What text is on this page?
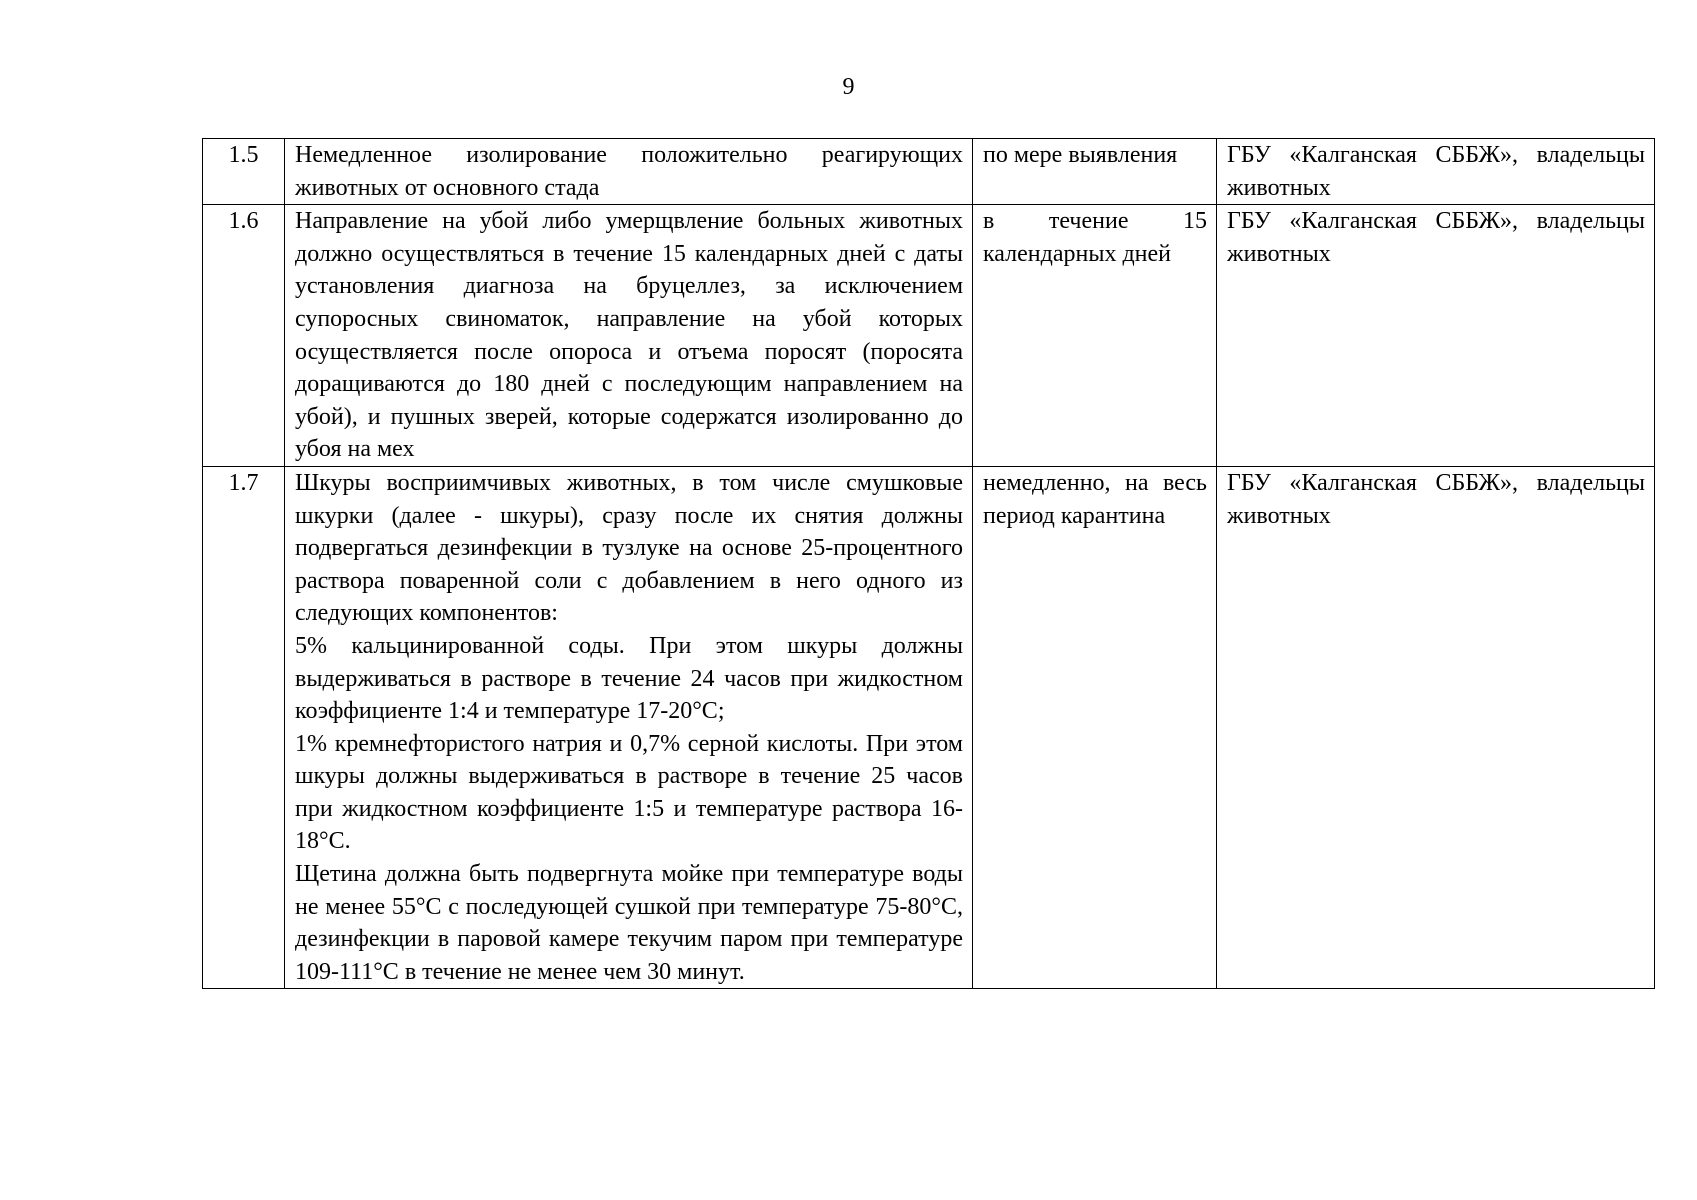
9
1.5	Немедленное изолирование положительно реагирующих животных от основного стада	по мере выявления	ГБУ «Калганская СББЖ», владельцы животных
1.6	Направление на убой либо умерщвление больных животных должно осуществляться в течение 15 календарных дней с даты установления диагноза на бруцеллез, за исключением супоросных свиноматок, направление на убой которых осуществляется после опороса и отъема поросят (поросята доращиваются до 180 дней с последующим направлением на убой), и пушных зверей, которые содержатся изолированно до убоя на мех	в течение 15 календарных дней	ГБУ «Калганская СББЖ», владельцы животных
1.7	Шкуры восприимчивых животных, в том числе смушковые шкурки (далее - шкуры), сразу после их снятия должны подвергаться дезинфекции в тузлуке на основе 25-процентного раствора поваренной соли с добавлением в него одного из следующих компонентов:
5% кальцинированной соды. При этом шкуры должны выдерживаться в растворе в течение 24 часов при жидкостном коэффициенте 1:4 и температуре 17-20°С;
1% кремнефтористого натрия и 0,7% серной кислоты. При этом шкуры должны выдерживаться в растворе в течение 25 часов при жидкостном коэффициенте 1:5 и температуре раствора 16-18°С.
Щетина должна быть подвергнута мойке при температуре воды не менее 55°С с последующей сушкой при температуре 75-80°С, дезинфекции в паровой камере текучим паром при температуре 109-111°С в течение не менее чем 30 минут.	немедленно, на весь период карантина	ГБУ «Калганская СББЖ», владельцы животных
